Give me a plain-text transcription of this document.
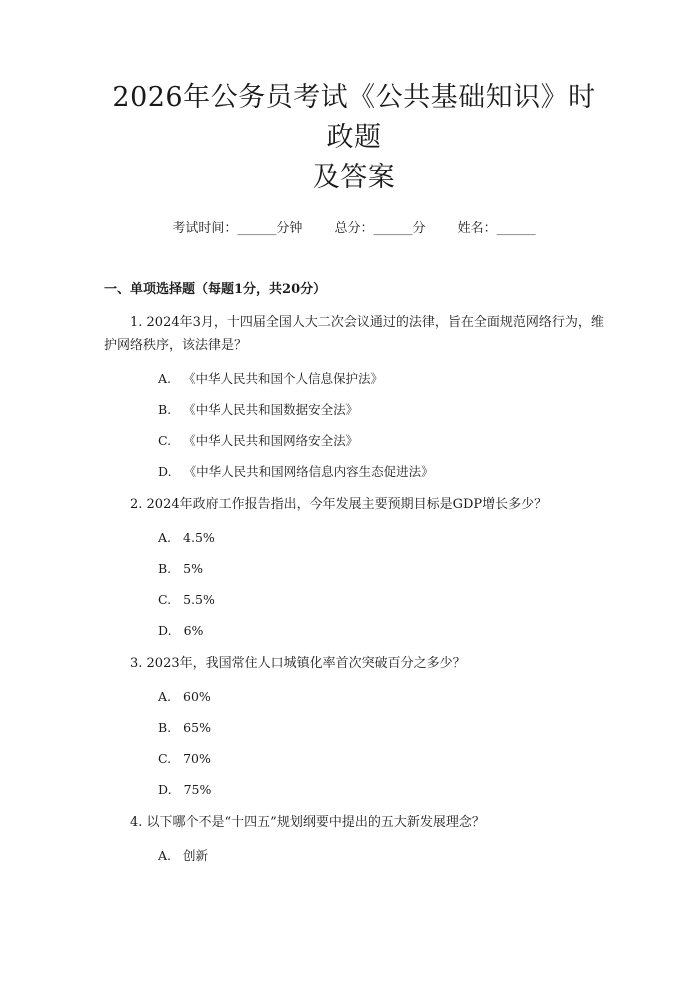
2026年公务员考试《公共基础知识》时政题
及答案
考试时间：______分钟 总分：______分 姓名：______
一、单项选择题（每题1分，共20分）
1. 2024年3月，十四届全国人大二次会议通过的法律，旨在全面规范网络行为，维护网络秩序，该法律是？
A. 《中华人民共和国个人信息保护法》
B. 《中华人民共和国数据安全法》
C. 《中华人民共和国网络安全法》
D. 《中华人民共和国网络信息内容生态促进法》
2. 2024年政府工作报告指出，今年发展主要预期目标是GDP增长多少？
A. 4.5%
B. 5%
C. 5.5%
D. 6%
3. 2023年，我国常住人口城镇化率首次突破百分之多少？
A. 60%
B. 65%
C. 70%
D. 75%
4. 以下哪个不是“十四五”规划纲要中提出的五大新发展理念？
A. 创新
